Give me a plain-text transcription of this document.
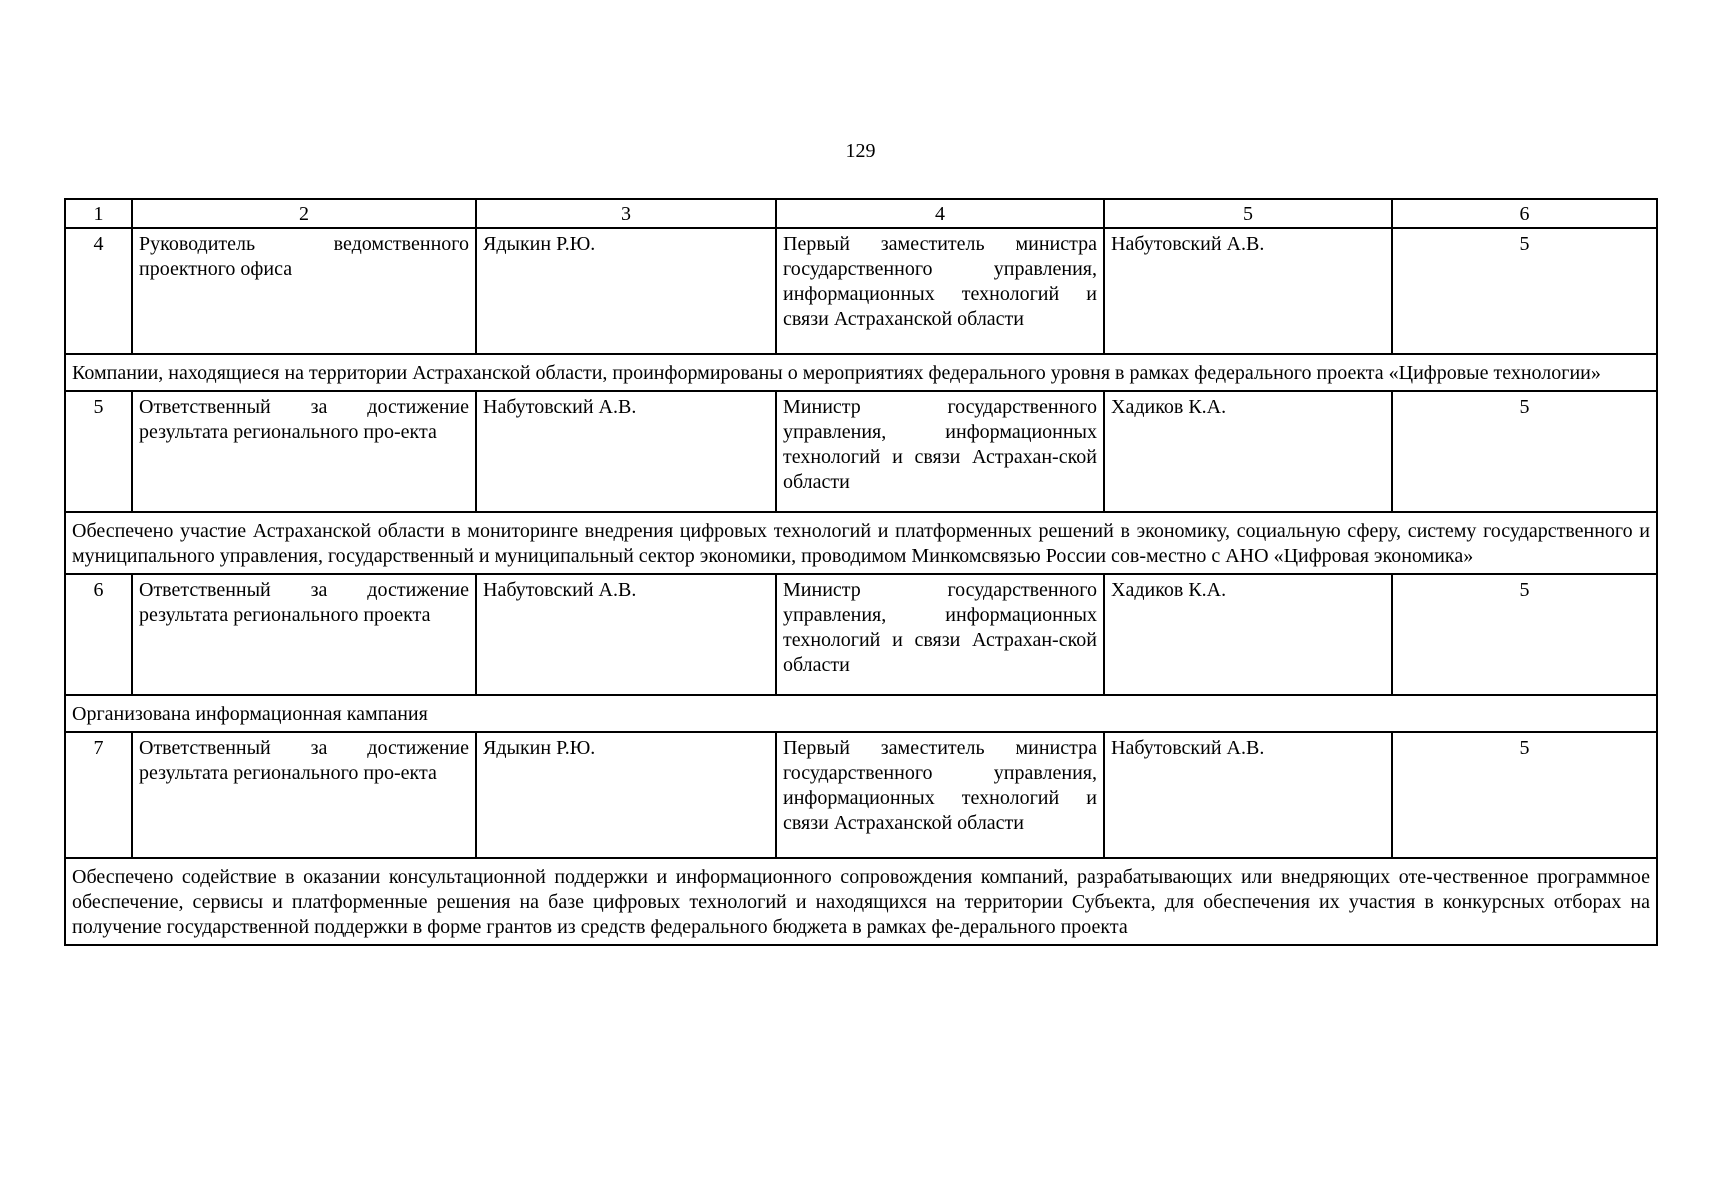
129
1	2	3	4	5	6
4	Руководитель ведомственного проектного офиса	Ядыкин Р.Ю.	Первый заместитель министра государственного управления, информационных технологий и связи Астраханской области	Набутовский А.В.	5
Компании, находящиеся на территории Астраханской области, проинформированы о мероприятиях федерального уровня в рамках федерального проекта «Цифровые технологии»					
5	Ответственный за достижение результата регионального про-екта	Набутовский А.В.	Министр государственного управления, информационных технологий и связи Астрахан-ской области	Хадиков К.А.	5
Обеспечено участие Астраханской области в мониторинге внедрения цифровых технологий и платформенных решений в экономику, социальную сферу, систему государственного и муниципального управления, государственный и муниципальный сектор экономики, проводимом Минкомсвязью России сов-местно с АНО «Цифровая экономика»					
6	Ответственный за достижение результата регионального проекта	Набутовский А.В.	Министр государственного управления, информационных технологий и связи Астрахан-ской области	Хадиков К.А.	5
Организована информационная кампания					
7	Ответственный за достижение результата регионального про-екта	Ядыкин Р.Ю.	Первый заместитель министра государственного управления, информационных технологий и связи Астраханской области	Набутовский А.В.	5
Обеспечено содействие в оказании консультационной поддержки и информационного сопровождения компаний, разрабатывающих или внедряющих оте-чественное программное обеспечение, сервисы и платформенные решения на базе цифровых технологий и находящихся на территории Субъекта, для обеспечения их участия в конкурсных отборах на получение государственной поддержки в форме грантов из средств федерального бюджета в рамках фе-дерального проекта					
